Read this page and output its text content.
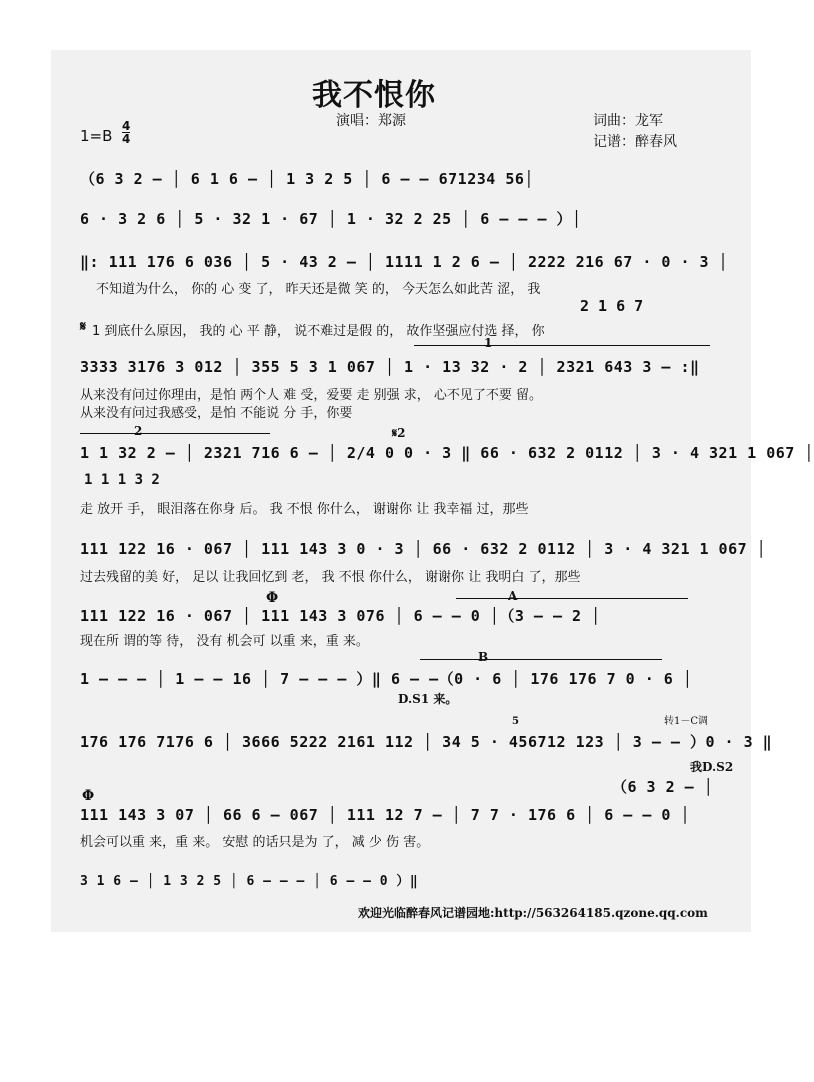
我不恨你
演唱：郑源	词曲：龙军
记谱：醉春风
1=B
4
4
（6 3 2 – │ 6 1 6 – │ 1 3 2 5 │ 6 – – 671234 56│
6 · 3 2 6 │ 5 · 32 1 · 67 │ 1 · 32 2 25 │ 6 – – – ）│
‖: 111 176 6 036 │ 5 · 43 2 – │ 1111 1 2 6 – │ 2222 216 67 · 0 · 3 │
不知道为什么， 你的 心 变 了， 昨天还是微 笑 的， 今天怎么如此苦 涩， 我
2 1 6 7
𝄋 1 到底什么原因， 我的 心 平 静， 说不难过是假 的， 故作坚强应付选 择， 你
1
3333 3176 3 012 │ 355 5 3 1 067 │ 1 · 13 32 · 2 │ 2321 643 3 – :‖
从来没有问过你理由，是怕 两个人 难 受，爱要 走 别强 求， 心不见了不要 留。
从来没有问过我感受，是怕 不能说 分 手，你要
2	𝄋2
1 1 32 2 – │ 2321 716 6 – │ 2/4 0 0 · 3 ‖ 66 · 632 2 0112 │ 3 · 4 321 1 067 │
1 1 1 3 2
走 放开 手， 眼泪落在你身 后。 我 不恨 你什么， 谢谢你 让 我幸福 过，那些
111 122 16 · 067 │ 111 143 3 0 · 3 │ 66 · 632 2 0112 │ 3 · 4 321 1 067 │
过去残留的美 好， 足以 让我回忆到 老， 我 不恨 你什么， 谢谢你 让 我明白 了，那些
Φ	A
111 122 16 · 067 │ 111 143 3 076 │ 6 – – 0 │（3 – – 2 │
现在所 谓的等 待， 没有 机会可 以重 来，重 来。
B
1 – – – │ 1 – – 16 │ 7 – – – ）‖ 6 – –（0 · 6 │ 176 176 7 0 · 6 │
D.S1 来。
转1－C调
5
176 176 7176 6 │ 3666 5222 2161 112 │ 34 5 · 456712 123 │ 3 – – ）0 · 3 ‖
我D.S2
（6 3 2 – │
Φ
111 143 3 07 │ 66 6 – 067 │ 111 12 7 – │ 7 7 · 176 6 │ 6 – – 0 │
机会可以重 来，重 来。 安慰 的话只是为 了， 减 少 伤 害。
3 1 6 – │ 1 3 2 5 │ 6 – – – │ 6 – – 0 ）‖
欢迎光临醉春风记谱园地:http://563264185.qzone.qq.com
